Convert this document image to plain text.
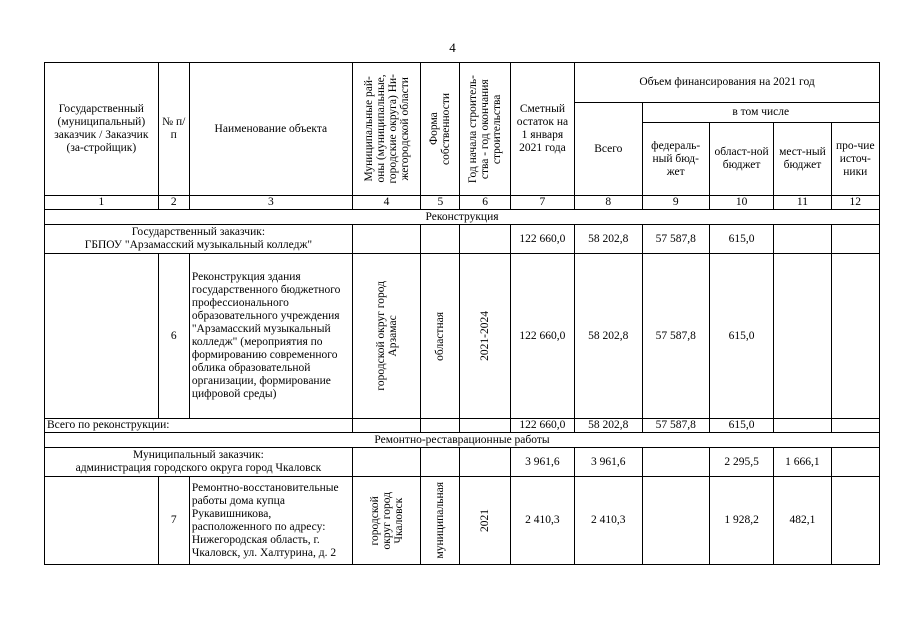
4
Государственный (муниципальный) заказчик / Заказчик (за-стройщик)	№ п/п	Наименование объекта	Муниципальные рай-
оны (муниципальные,
городские округа) Ни-
жегородской области	Форма
собственности	Год начала строитель-
ства - год окончания
строительства	Сметный остаток на 1 января 2021 года	Объем финансирования на 2021 год				
							Всего	в том числе			
								федераль-ный бюд-жет	област-ной бюджет	мест-ный бюджет	про-чие источ-ники
1	2	3	4	5	6	7	8	9	10	11	12
Реконструкция											

Государственный заказчик:
ГБПОУ "Арзамасский музыкальный колледж"						122 660,0	58 202,8	57 587,8	615,0		
	6	Реконструкция здания государственного бюджетного профессионального образовательного учреждения "Арзамасский музыкальный колледж" (мероприятия по формированию современного облика образовательной организации, формирование цифровой среды)	городской округ город
Арзамас	областная	2021-2024	122 660,0	58 202,8	57 587,8	615,0		
Всего по реконструкции:						122 660,0	58 202,8	57 587,8	615,0		
Ремонтно-реставрационные работы											

Муниципальный заказчик:
администрация городского округа город Чкаловск						3 961,6	3 961,6		2 295,5	1 666,1	
	7	Ремонтно-восстановительные работы дома купца Рукавишникова, расположенного по адресу: Нижегородская область, г. Чкаловск, ул. Халтурина, д. 2	городской
округ город
Чкаловск	муниципальная	2021	2 410,3	2 410,3		1 928,2	482,1	
